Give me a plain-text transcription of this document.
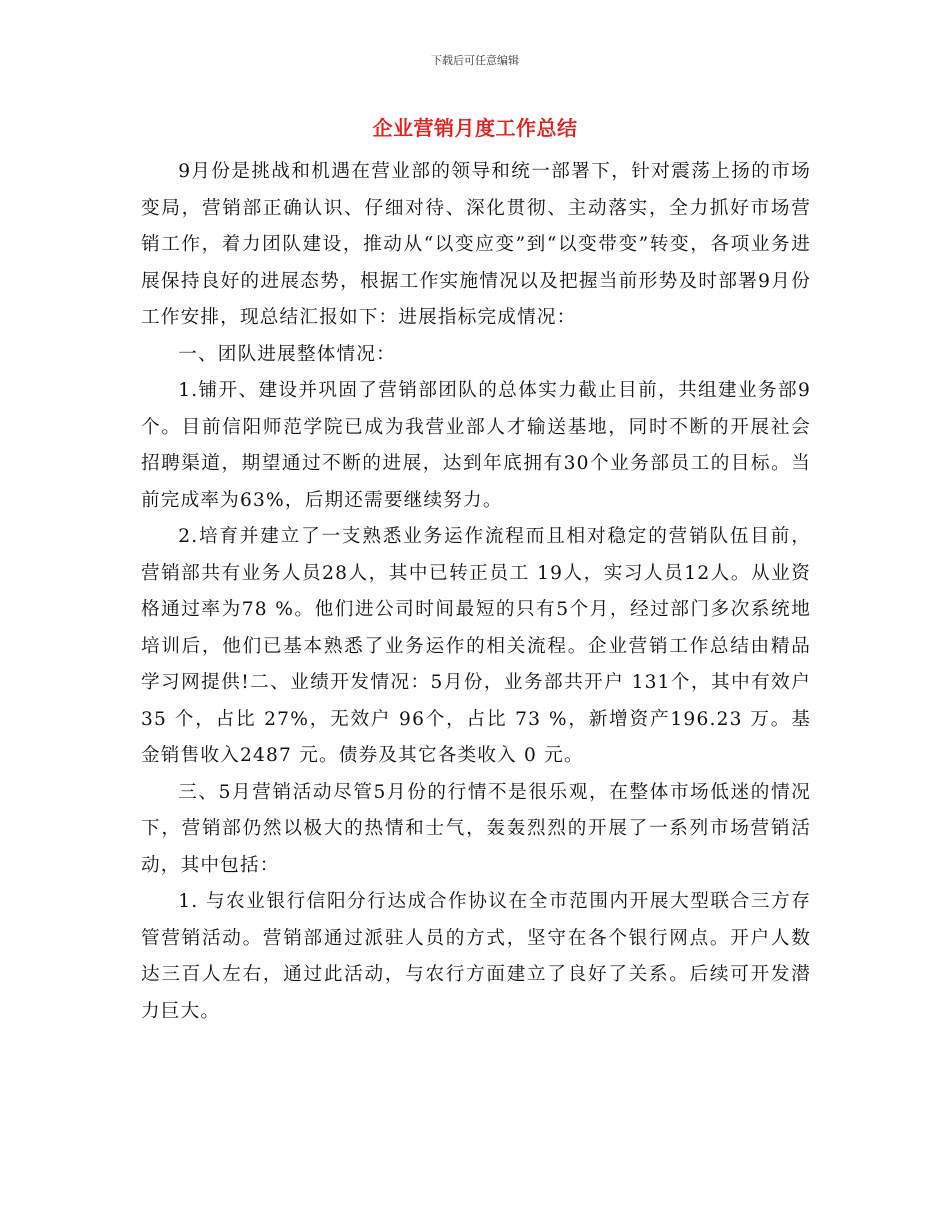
下载后可任意编辑
企业营销月度工作总结

9月份是挑战和机遇在营业部的领导和统一部署下，针对震荡上扬的市场变局，营销部正确认识、仔细对待、深化贯彻、主动落实，全力抓好市场营销工作，着力团队建设，推动从“以变应变”到“以变带变”转变，各项业务进展保持良好的进展态势，根据工作实施情况以及把握当前形势及时部署9月份工作安排，现总结汇报如下：进展指标完成情况：

一、团队进展整体情况：

1.铺开、建设并巩固了营销部团队的总体实力截止目前，共组建业务部9个。目前信阳师范学院已成为我营业部人才输送基地，同时不断的开展社会招聘渠道，期望通过不断的进展，达到年底拥有30个业务部员工的目标。当前完成率为63%，后期还需要继续努力。

2.培育并建立了一支熟悉业务运作流程而且相对稳定的营销队伍目前，营销部共有业务人员28人，其中已转正员工 19人，实习人员12人。从业资格通过率为78 %。他们进公司时间最短的只有5个月，经过部门多次系统地培训后，他们已基本熟悉了业务运作的相关流程。企业营销工作总结由精品学习网提供!二、业绩开发情况：5月份，业务部共开户 131个，其中有效户35 个，占比 27%，无效户 96个，占比 73 %，新增资产196.23 万。基金销售收入2487 元。债券及其它各类收入 0 元。

三、5月营销活动尽管5月份的行情不是很乐观，在整体市场低迷的情况下，营销部仍然以极大的热情和士气，轰轰烈烈的开展了一系列市场营销活动，其中包括：

1. 与农业银行信阳分行达成合作协议在全市范围内开展大型联合三方存管营销活动。营销部通过派驻人员的方式，坚守在各个银行网点。开户人数达三百人左右，通过此活动，与农行方面建立了良好了关系。后续可开发潜力巨大。
